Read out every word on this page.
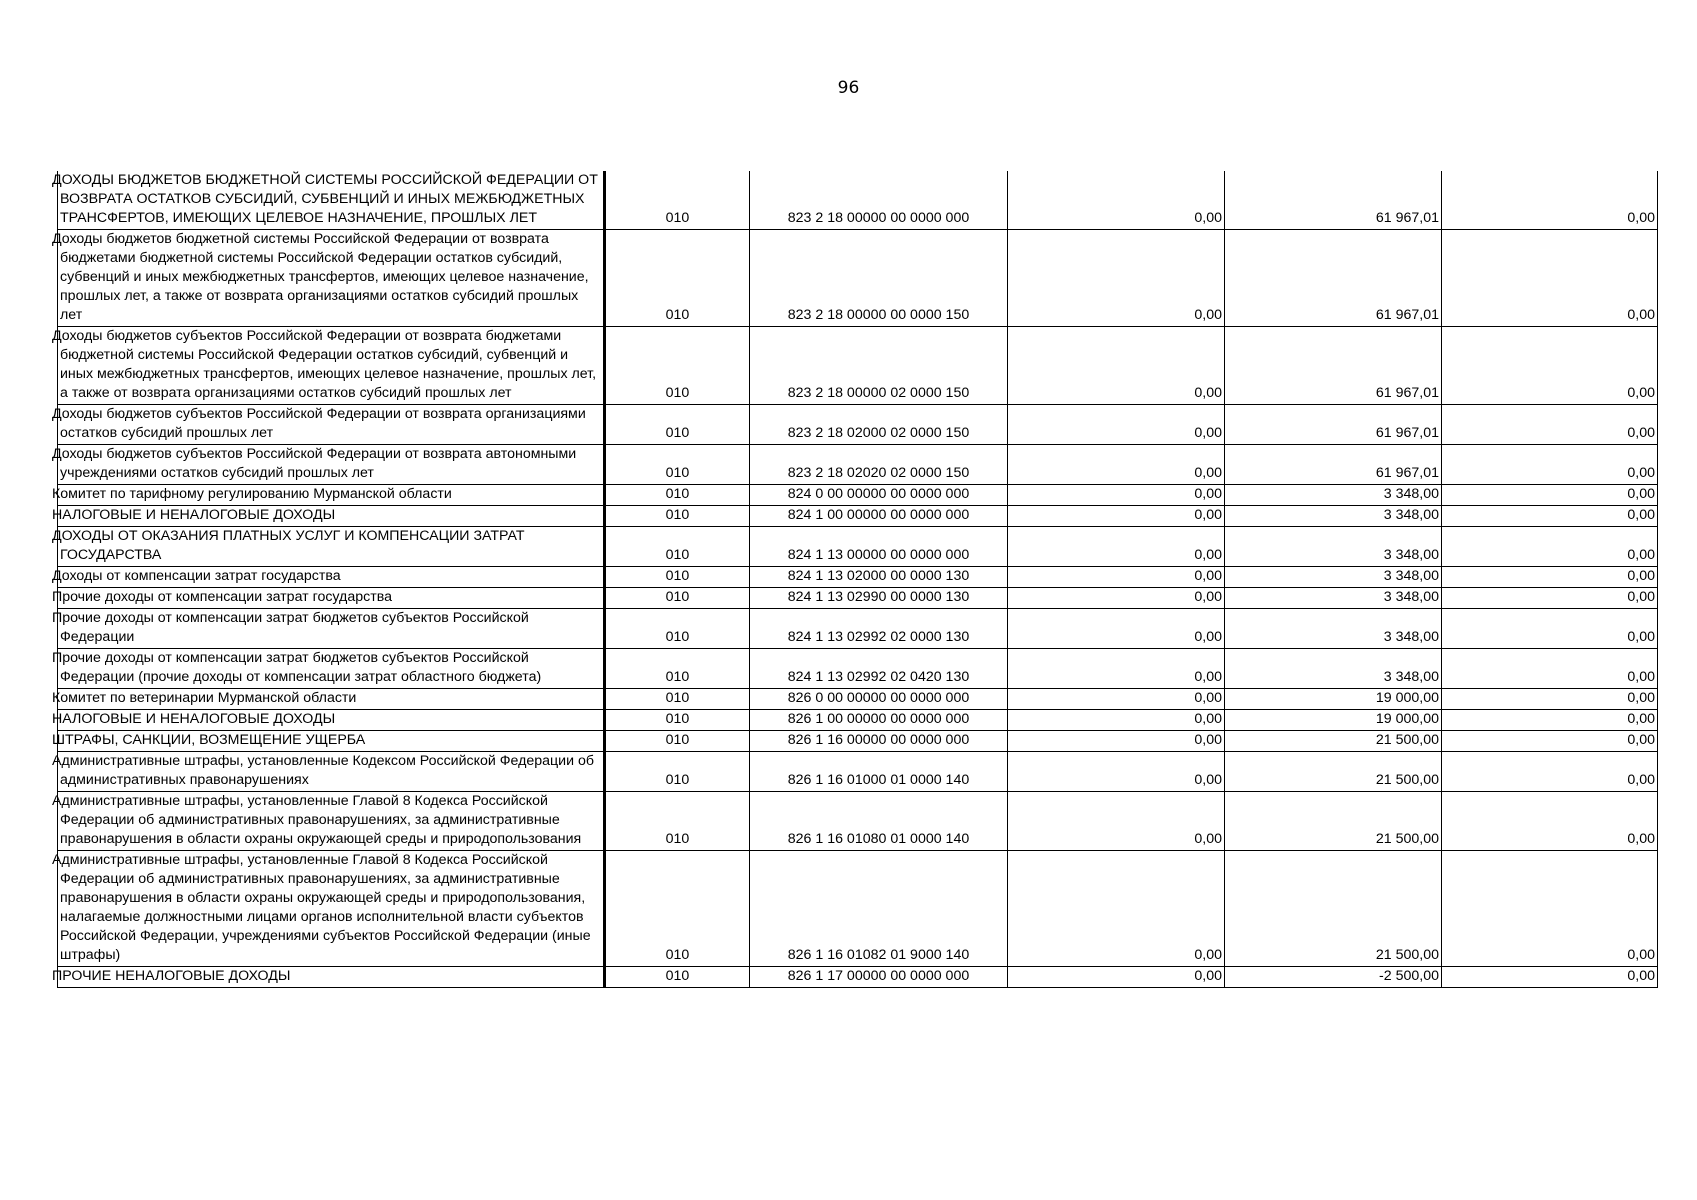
96
ДОХОДЫ БЮДЖЕТОВ БЮДЖЕТНОЙ СИСТЕМЫ РОССИЙСКОЙ ФЕДЕРАЦИИ ОТ ВОЗВРАТА ОСТАТКОВ СУБСИДИЙ, СУБВЕНЦИЙ И ИНЫХ МЕЖБЮДЖЕТНЫХ ТРАНСФЕРТОВ, ИМЕЮЩИХ ЦЕЛЕВОЕ НАЗНАЧЕНИЕ, ПРОШЛЫХ ЛЕТ	010	823 2 18 00000 00 0000 000	0,00	61 967,01	0,00
Доходы бюджетов бюджетной системы Российской Федерации от возврата бюджетами бюджетной системы Российской Федерации остатков субсидий, субвенций и иных межбюджетных трансфертов, имеющих целевое назначение, прошлых лет, а также от возврата организациями остатков субсидий прошлых лет	010	823 2 18 00000 00 0000 150	0,00	61 967,01	0,00
Доходы бюджетов субъектов Российской Федерации от возврата бюджетами бюджетной системы Российской Федерации остатков субсидий, субвенций и иных межбюджетных трансфертов, имеющих целевое назначение, прошлых лет, а также от возврата организациями остатков субсидий прошлых лет	010	823 2 18 00000 02 0000 150	0,00	61 967,01	0,00
Доходы бюджетов субъектов Российской Федерации от возврата организациями остатков субсидий прошлых лет	010	823 2 18 02000 02 0000 150	0,00	61 967,01	0,00
Доходы бюджетов субъектов Российской Федерации от возврата автономными учреждениями остатков субсидий прошлых лет	010	823 2 18 02020 02 0000 150	0,00	61 967,01	0,00
Комитет по тарифному регулированию Мурманской области	010	824 0 00 00000 00 0000 000	0,00	3 348,00	0,00
НАЛОГОВЫЕ И НЕНАЛОГОВЫЕ ДОХОДЫ	010	824 1 00 00000 00 0000 000	0,00	3 348,00	0,00
ДОХОДЫ ОТ ОКАЗАНИЯ ПЛАТНЫХ УСЛУГ И КОМПЕНСАЦИИ ЗАТРАТ ГОСУДАРСТВА	010	824 1 13 00000 00 0000 000	0,00	3 348,00	0,00
Доходы от компенсации затрат государства	010	824 1 13 02000 00 0000 130	0,00	3 348,00	0,00
Прочие доходы от компенсации затрат государства	010	824 1 13 02990 00 0000 130	0,00	3 348,00	0,00
Прочие доходы от компенсации затрат бюджетов субъектов Российской Федерации	010	824 1 13 02992 02 0000 130	0,00	3 348,00	0,00
Прочие доходы от компенсации затрат бюджетов субъектов Российской Федерации (прочие доходы от компенсации затрат областного бюджета)	010	824 1 13 02992 02 0420 130	0,00	3 348,00	0,00
Комитет по ветеринарии Мурманской области	010	826 0 00 00000 00 0000 000	0,00	19 000,00	0,00
НАЛОГОВЫЕ И НЕНАЛОГОВЫЕ ДОХОДЫ	010	826 1 00 00000 00 0000 000	0,00	19 000,00	0,00
ШТРАФЫ, САНКЦИИ, ВОЗМЕЩЕНИЕ УЩЕРБА	010	826 1 16 00000 00 0000 000	0,00	21 500,00	0,00
Административные штрафы, установленные Кодексом Российской Федерации об административных правонарушениях	010	826 1 16 01000 01 0000 140	0,00	21 500,00	0,00
Административные штрафы, установленные Главой 8 Кодекса Российской Федерации об административных правонарушениях, за административные правонарушения в области охраны окружающей среды и природопользования	010	826 1 16 01080 01 0000 140	0,00	21 500,00	0,00
Административные штрафы, установленные Главой 8 Кодекса Российской Федерации об административных правонарушениях, за административные правонарушения в области охраны окружающей среды и природопользования, налагаемые должностными лицами органов исполнительной власти субъектов Российской Федерации, учреждениями субъектов Российской Федерации (иные штрафы)	010	826 1 16 01082 01 9000 140	0,00	21 500,00	0,00
ПРОЧИЕ НЕНАЛОГОВЫЕ ДОХОДЫ	010	826 1 17 00000 00 0000 000	0,00	-2 500,00	0,00
